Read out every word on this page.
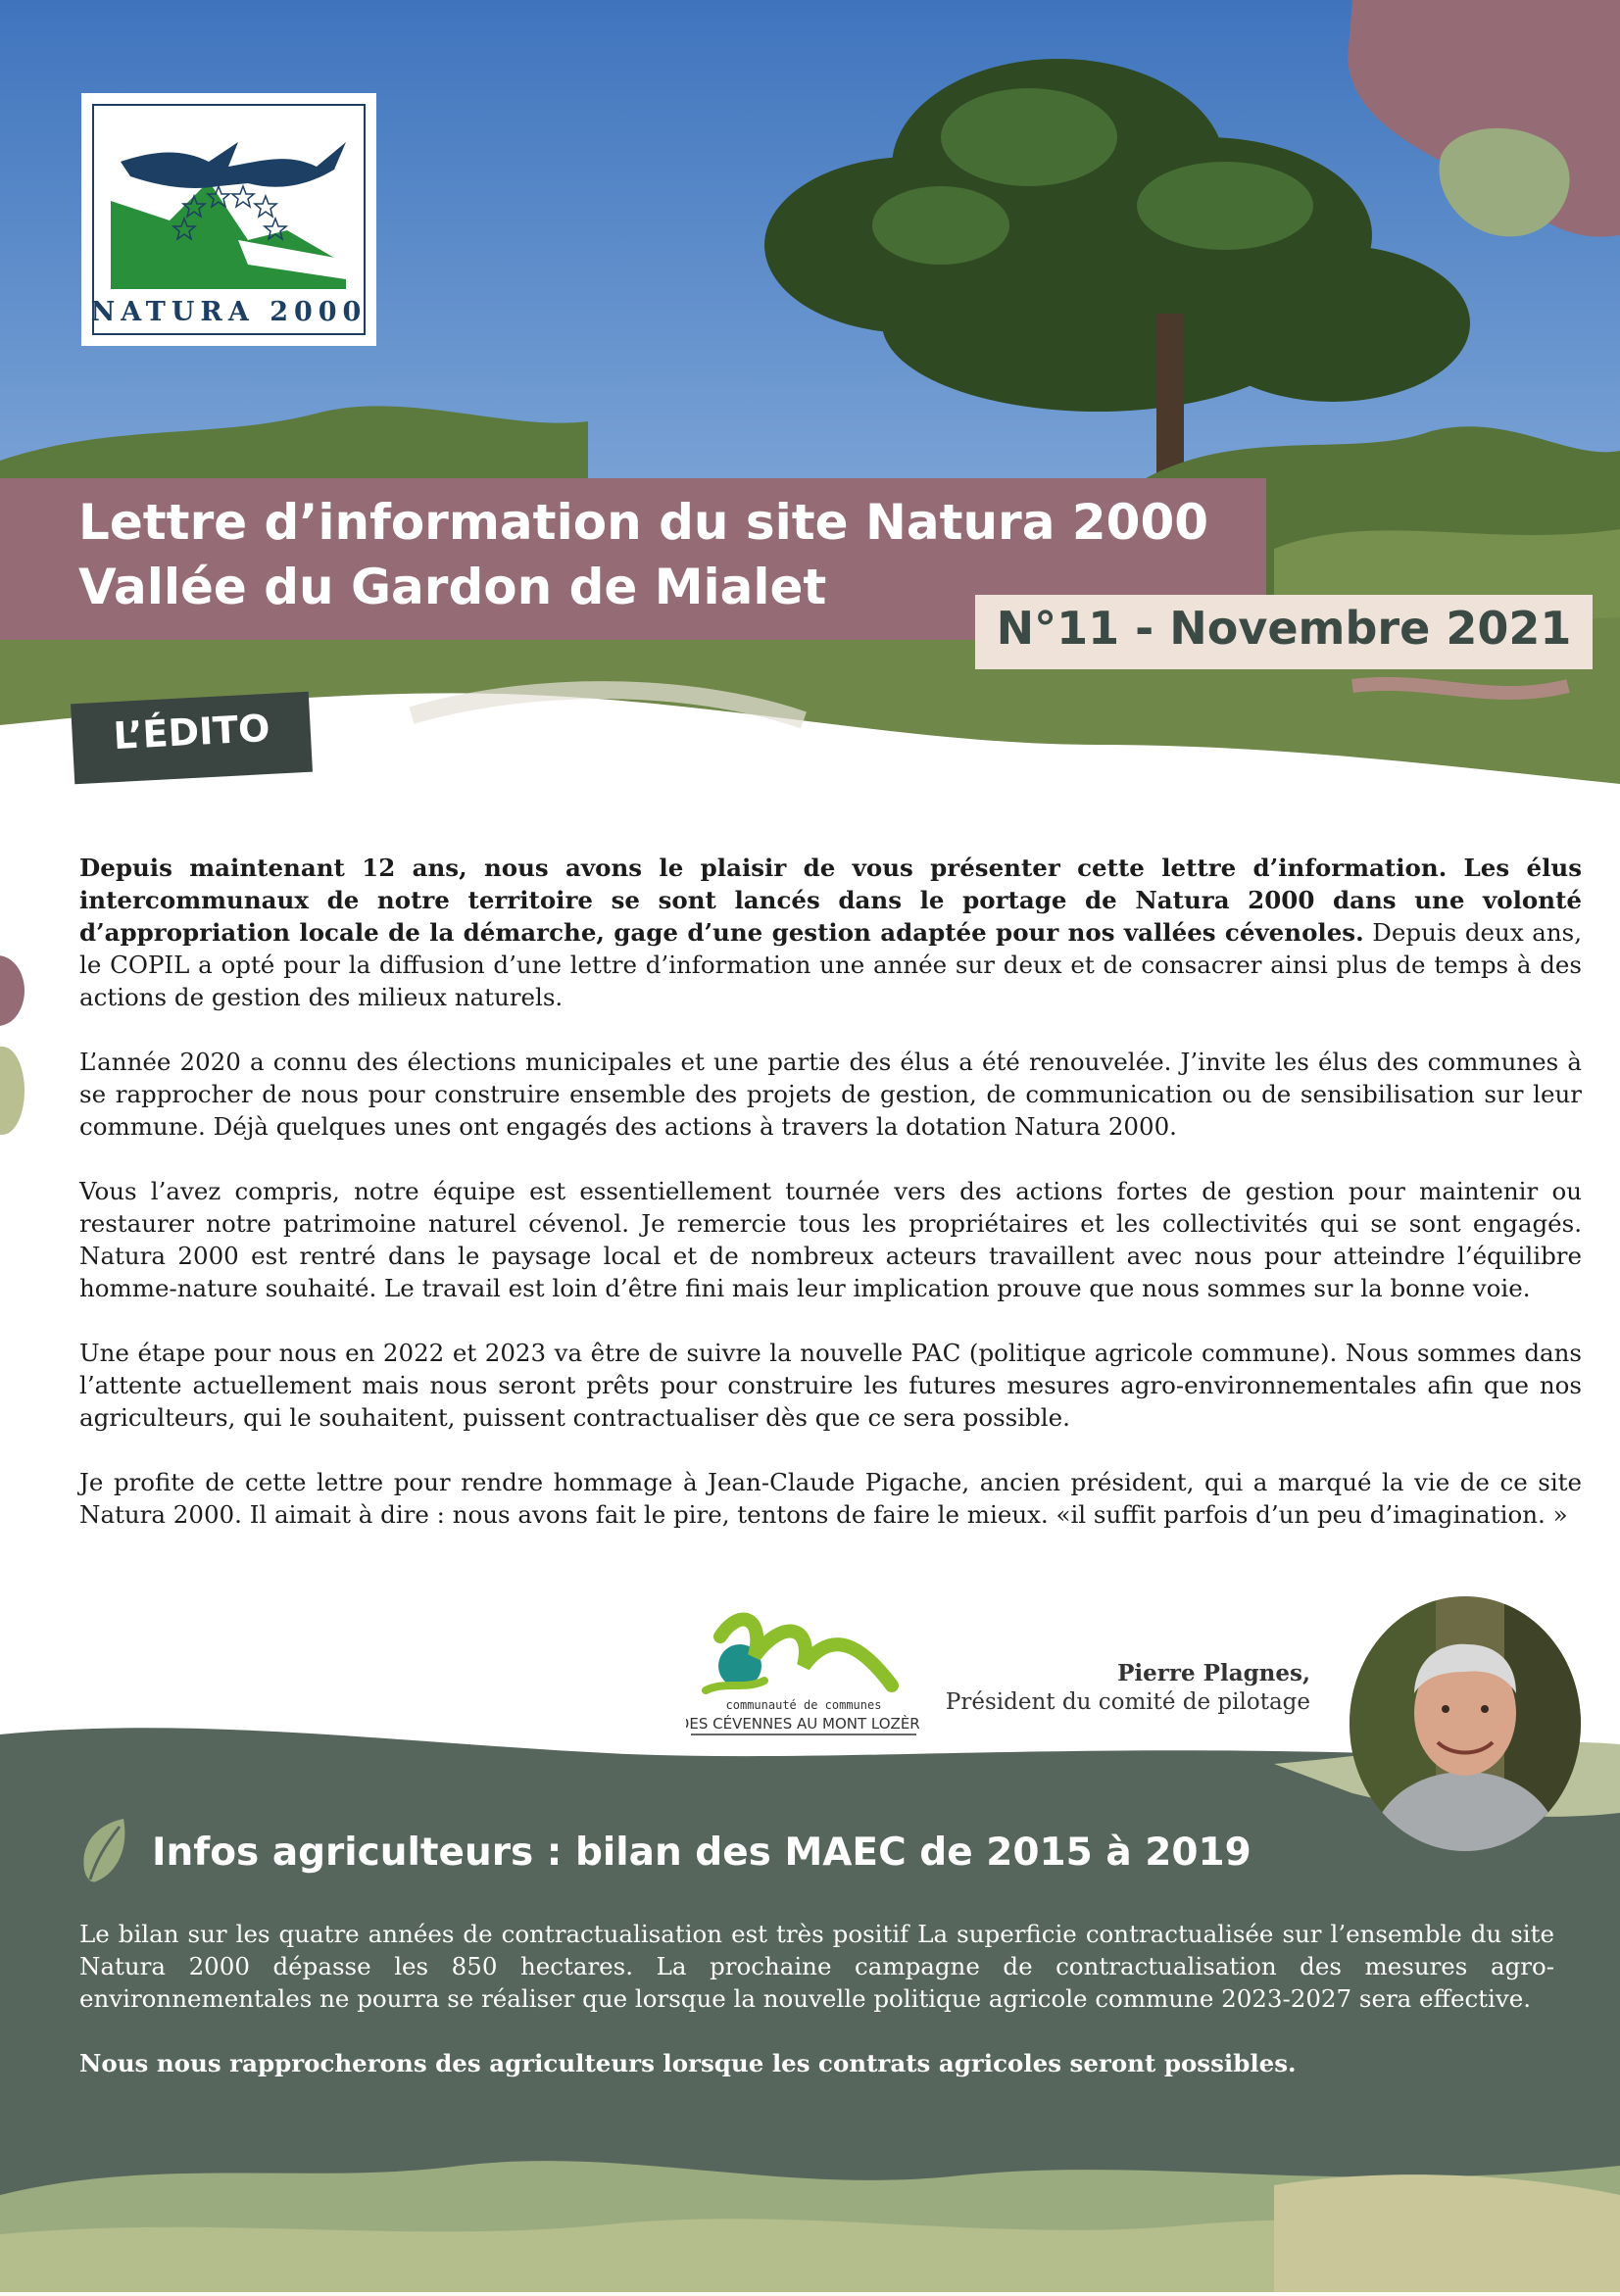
NATURA 2000
Lettre d’information du site Natura 2000
Vallée du Gardon de Mialet
N°11 - Novembre 2021
L’ÉDITO

Depuis maintenant 12 ans, nous avons le plaisir de vous présenter cette lettre d’information. Les élus intercommunaux de notre territoire se sont lancés dans le portage de Natura 2000 dans une volonté d’appropriation locale de la démarche, gage d’une gestion adaptée pour nos vallées cévenoles. Depuis deux ans, le COPIL a opté pour la diffusion d’une lettre d’information une année sur deux et de consacrer ainsi plus de temps à des actions de gestion des milieux naturels.

L’année 2020 a connu des élections municipales et une partie des élus a été renouvelée. J’invite les élus des communes à se rapprocher de nous pour construire ensemble des projets de gestion, de communication ou de sensibilisation sur leur commune. Déjà quelques unes ont engagés des actions à travers la dotation Natura 2000.

Vous l’avez compris, notre équipe est essentiellement tournée vers des actions fortes de gestion pour maintenir ou restaurer notre patrimoine naturel cévenol. Je remercie tous les propriétaires et les collectivités qui se sont engagés. Natura 2000 est rentré dans le paysage local et de nombreux acteurs travaillent avec nous pour atteindre l’équilibre homme-nature souhaité. Le travail est loin d’être fini mais leur implication prouve que nous sommes sur la bonne voie.

Une étape pour nous en 2022 et 2023 va être de suivre la nouvelle PAC (politique agricole commune). Nous sommes dans l’attente actuellement mais nous seront prêts pour construire les futures mesures agro-environnementales afin que nos agriculteurs, qui le souhaitent, puissent contractualiser dès que ce sera possible.

Je profite de cette lettre pour rendre hommage à Jean-Claude Pigache, ancien président, qui a marqué la vie de ce site Natura 2000. Il aimait à dire : nous avons fait le pire, tentons de faire le mieux. «il suffit parfois d’un peu d’imagination. »

communauté de communes
DES CÉVENNES AU MONT LOZÈRE
Pierre Plagnes,
Président du comité de pilotage
Infos agriculteurs : bilan des MAEC de 2015 à 2019

Le bilan sur les quatre années de contractualisation est très positif La superficie contractualisée sur l’ensemble du site Natura 2000 dépasse les 850 hectares. La prochaine campagne de contractualisation des mesures agro-environnementales ne pourra se réaliser que lorsque la nouvelle politique agricole commune 2023-2027 sera effective.

Nous nous rapprocherons des agriculteurs lorsque les contrats agricoles seront possibles.
